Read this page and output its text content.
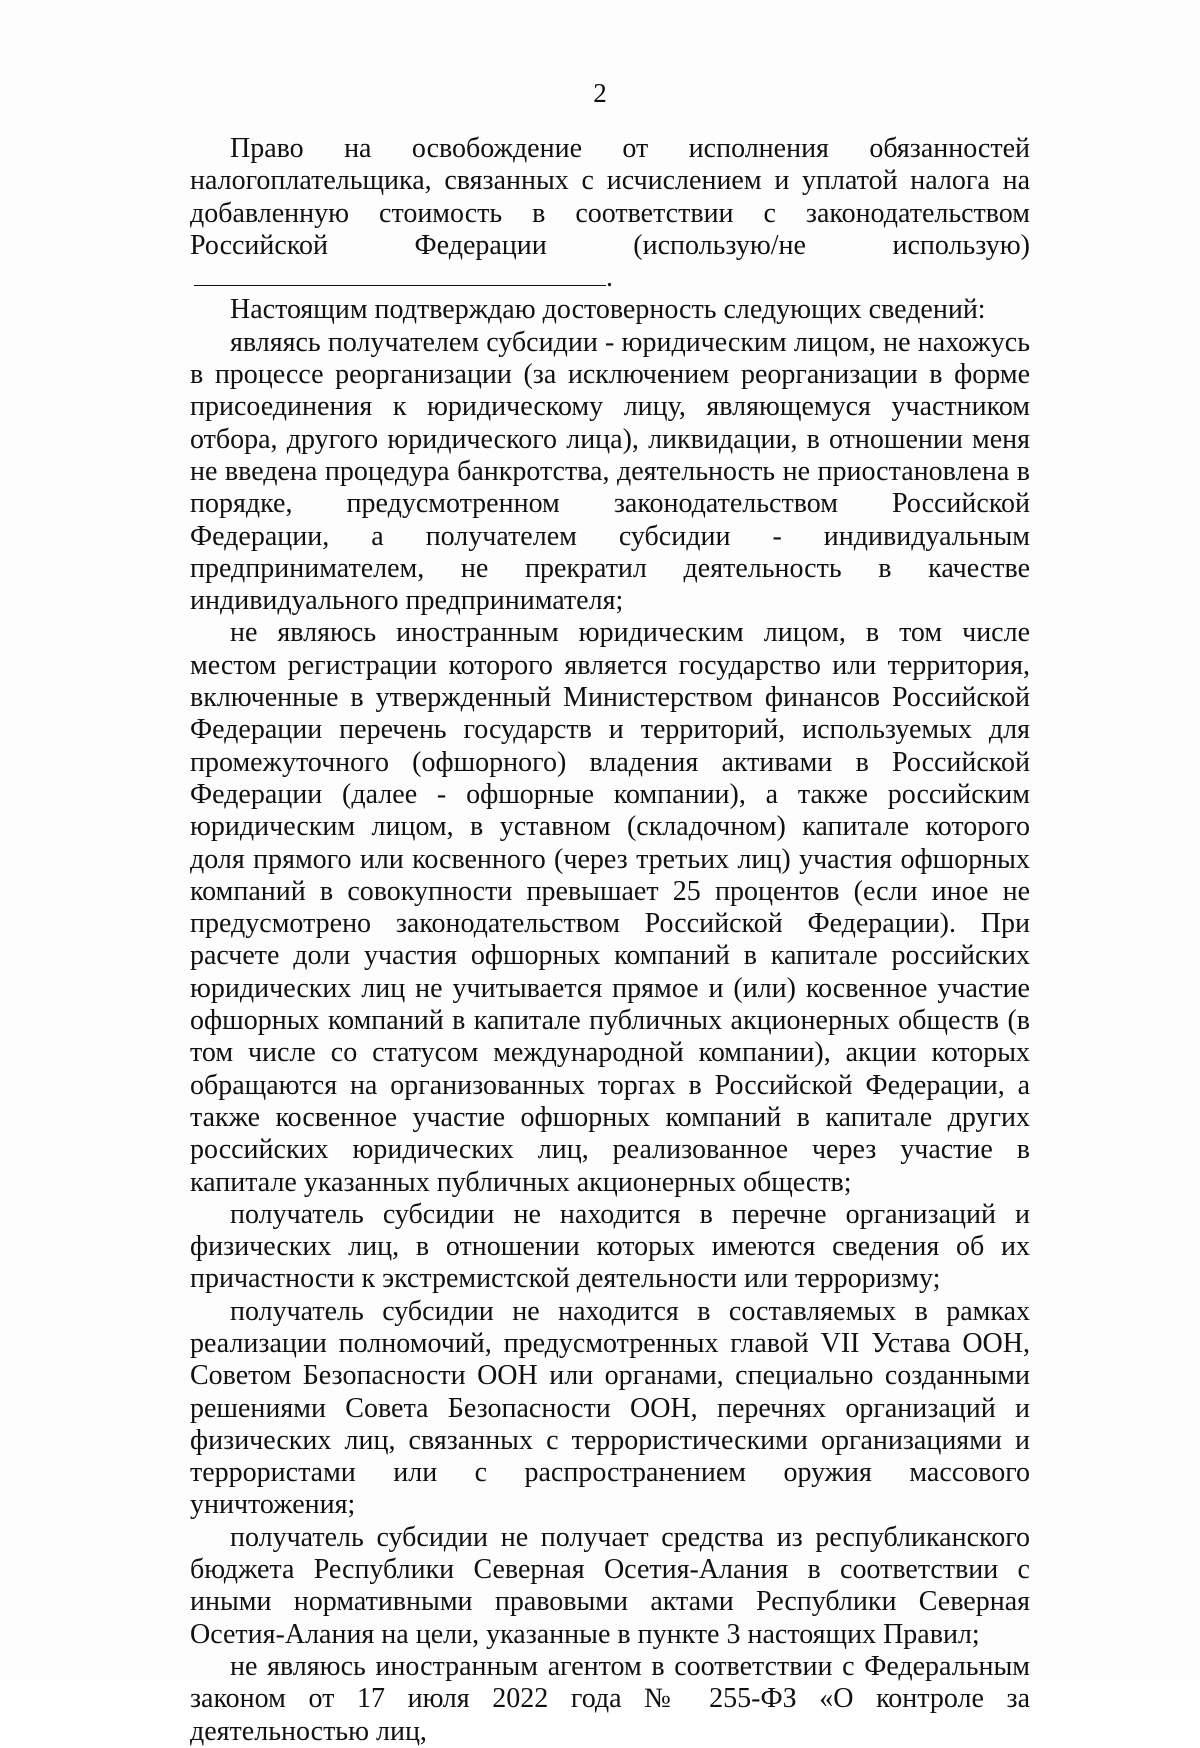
2

Право на освобождение от исполнения обязанностей налогоплательщика, связанных с исчислением и уплатой налога на добавленную стоимость в соответствии с законодательством Российской Федерации (использую/не использую) .

Настоящим подтверждаю достоверность следующих сведений:

являясь получателем субсидии - юридическим лицом, не нахожусь в процессе реорганизации (за исключением реорганизации в форме присоединения к юридическому лицу, являющемуся участником отбора, другого юридического лица), ликвидации, в отношении меня не введена процедура банкротства, деятельность не приостановлена в порядке, предусмотренном законодательством Российской Федерации, а получателем субсидии - индивидуальным предпринимателем, не прекратил деятельность в качестве индивидуального предпринимателя;

не являюсь иностранным юридическим лицом, в том числе местом регистрации которого является государство или территория, включенные в утвержденный Министерством финансов Российской Федерации перечень государств и территорий, используемых для промежуточного (офшорного) владения активами в Российской Федерации (далее - офшорные компании), а также российским юридическим лицом, в уставном (складочном) капитале которого доля прямого или косвенного (через третьих лиц) участия офшорных компаний в совокупности превышает 25 процентов (если иное не предусмотрено законодательством Российской Федерации). При расчете доли участия офшорных компаний в капитале российских юридических лиц не учитывается прямое и (или) косвенное участие офшорных компаний в капитале публичных акционерных обществ (в том числе со статусом международной компании), акции которых обращаются на организованных торгах в Российской Федерации, а также косвенное участие офшорных компаний в капитале других российских юридических лиц, реализованное через участие в капитале указанных публичных акционерных обществ;

получатель субсидии не находится в перечне организаций и физических лиц, в отношении которых имеются сведения об их причастности к экстремистской деятельности или терроризму;

получатель субсидии не находится в составляемых в рамках реализации полномочий, предусмотренных главой VII Устава ООН, Советом Безопасности ООН или органами, специально созданными решениями Совета Безопасности ООН, перечнях организаций и физических лиц, связанных с террористическими организациями и террористами или с распространением оружия массового уничтожения;

получатель субсидии не получает средства из республиканского бюджета Республики Северная Осетия-Алания в соответствии с иными нормативными правовыми актами Республики Северная Осетия-Алания на цели, указанные в пункте 3 настоящих Правил;

не являюсь иностранным агентом в соответствии с Федеральным законом от 17 июля 2022 года № 255-ФЗ «О контроле за деятельностью лиц,
